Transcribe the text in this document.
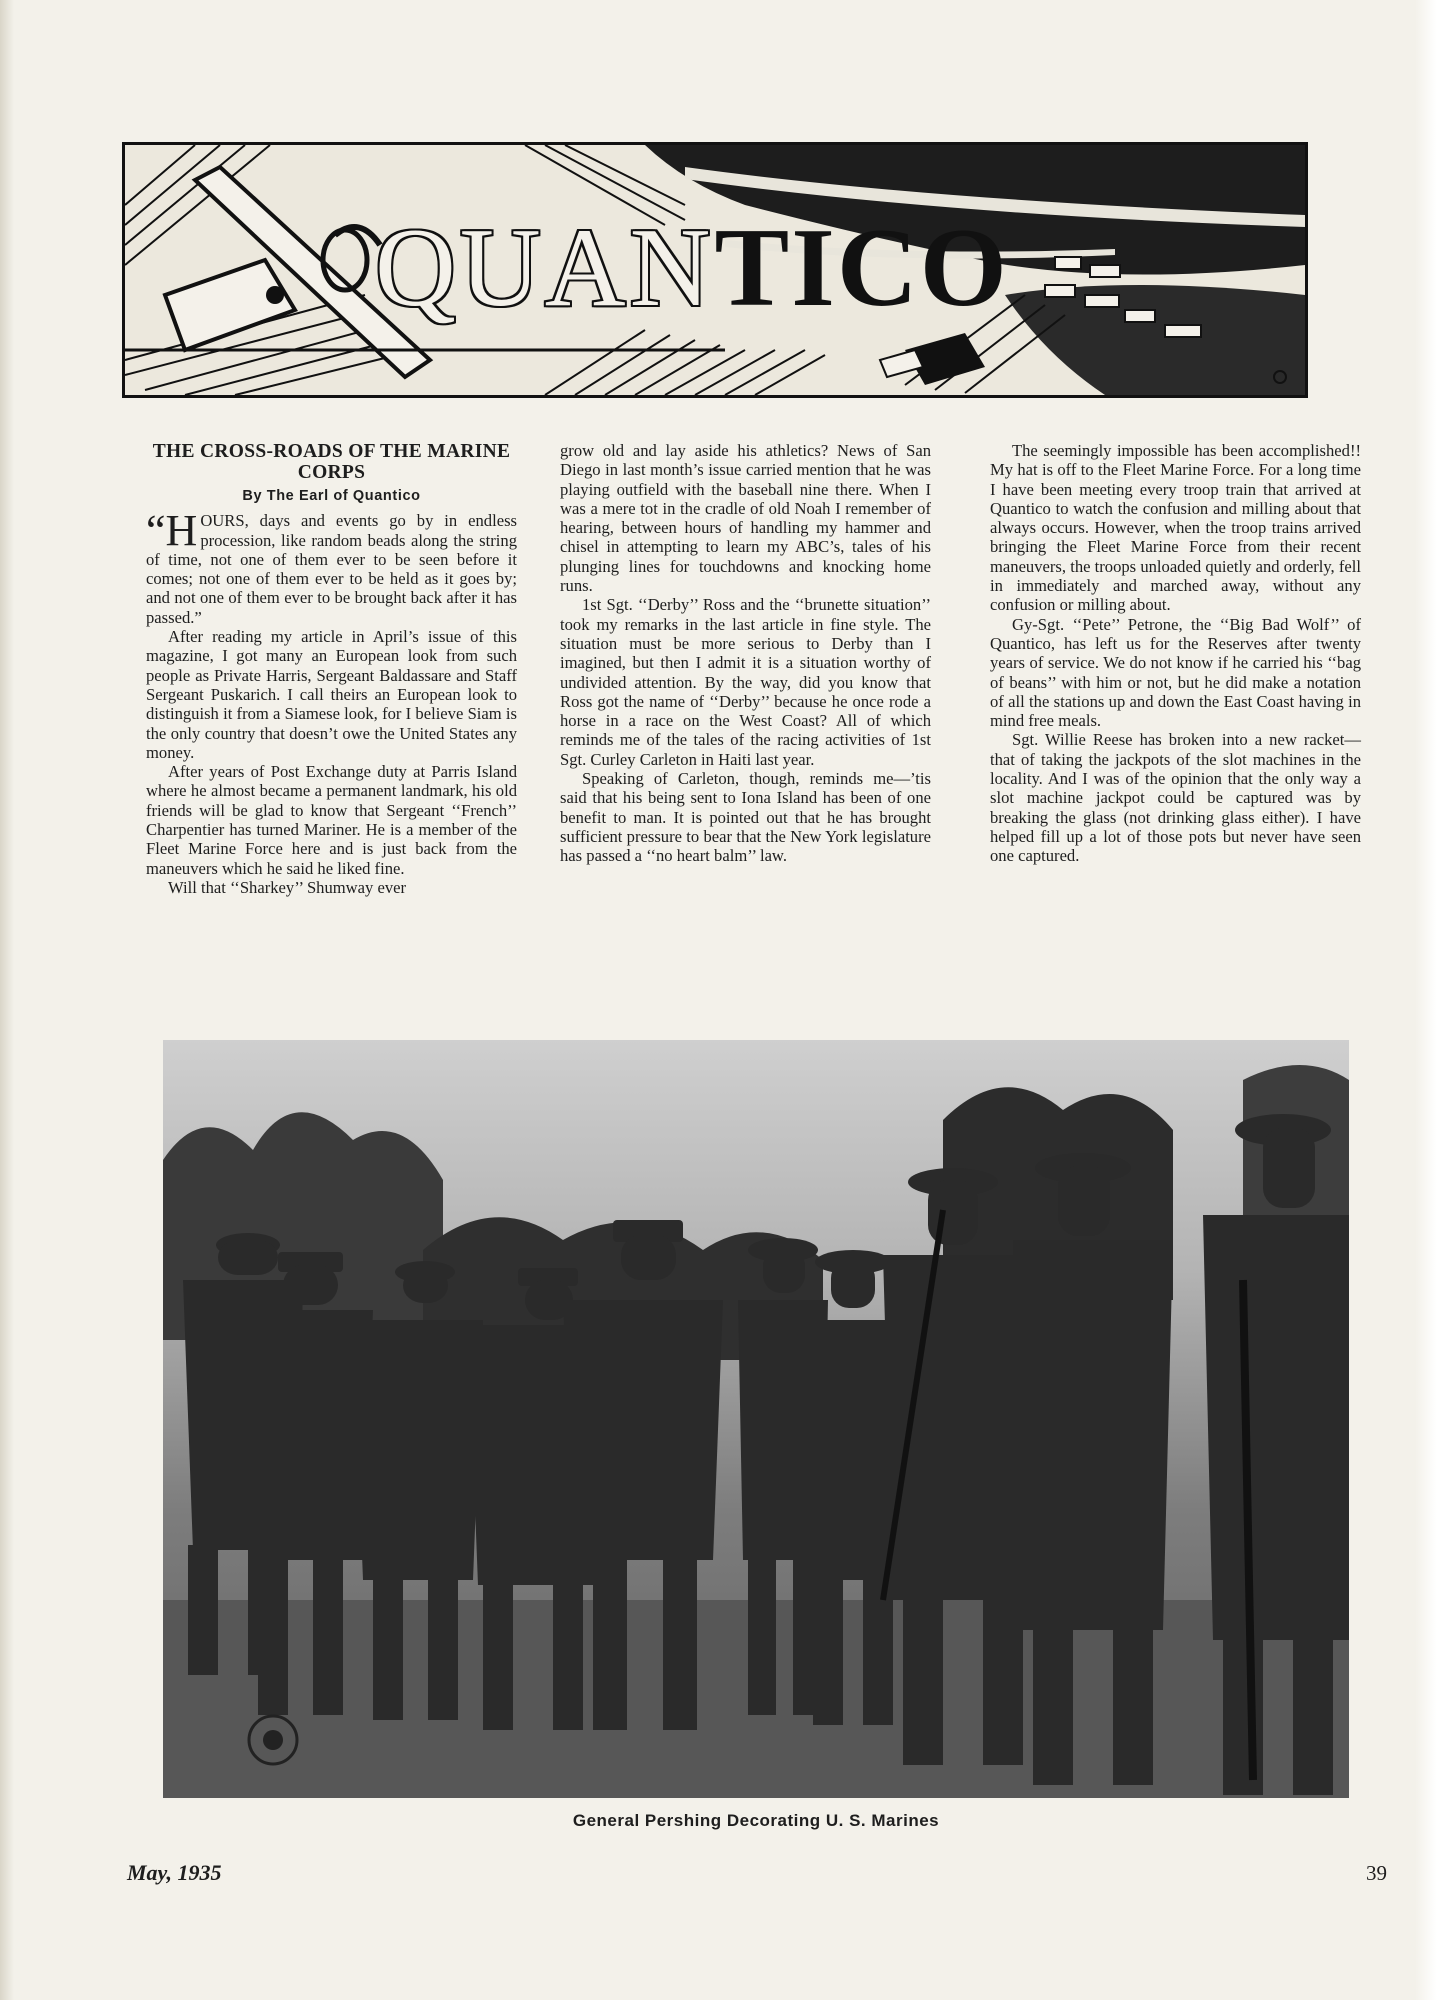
QUANTICO
THE CROSS-ROADS OF THE MARINE CORPS
By The Earl of Quantico

“HOURS, days and events go by in endless procession, like random beads along the string of time, not one of them ever to be seen before it comes; not one of them ever to be held as it goes by; and not one of them ever to be brought back after it has passed.”

After reading my article in April’s issue of this magazine, I got many an European look from such people as Private Harris, Sergeant Baldassare and Staff Sergeant Puskarich. I call theirs an European look to distinguish it from a Siamese look, for I believe Siam is the only country that doesn’t owe the United States any money.

After years of Post Exchange duty at Parris Island where he almost became a permanent landmark, his old friends will be glad to know that Sergeant ‘‘French’’ Charpentier has turned Mariner. He is a member of the Fleet Marine Force here and is just back from the maneuvers which he said he liked fine.

Will that ‘‘Sharkey’’ Shumway ever

grow old and lay aside his athletics? News of San Diego in last month’s issue carried mention that he was playing outfield with the baseball nine there. When I was a mere tot in the cradle of old Noah I remember of hearing, between hours of handling my hammer and chisel in attempting to learn my ABC’s, tales of his plunging lines for touchdowns and knocking home runs.

1st Sgt. ‘‘Derby’’ Ross and the ‘‘brunette situation’’ took my remarks in the last article in fine style. The situation must be more serious to Derby than I imagined, but then I admit it is a situation worthy of undivided attention. By the way, did you know that Ross got the name of ‘‘Derby’’ because he once rode a horse in a race on the West Coast? All of which reminds me of the tales of the racing activities of 1st Sgt. Curley Carleton in Haiti last year.

Speaking of Carleton, though, reminds me—’tis said that his being sent to Iona Island has been of one benefit to man. It is pointed out that he has brought sufficient pressure to bear that the New York legislature has passed a ‘‘no heart balm’’ law.

The seemingly impossible has been accomplished!! My hat is off to the Fleet Marine Force. For a long time I have been meeting every troop train that arrived at Quantico to watch the confusion and milling about that always occurs. However, when the troop trains arrived bringing the Fleet Marine Force from their recent maneuvers, the troops unloaded quietly and orderly, fell in immediately and marched away, without any confusion or milling about.

Gy-Sgt. ‘‘Pete’’ Petrone, the ‘‘Big Bad Wolf’’ of Quantico, has left us for the Reserves after twenty years of service. We do not know if he carried his ‘‘bag of beans’’ with him or not, but he did make a notation of all the stations up and down the East Coast having in mind free meals.

Sgt. Willie Reese has broken into a new racket—that of taking the jackpots of the slot machines in the locality. And I was of the opinion that the only way a slot machine jackpot could be captured was by breaking the glass (not drinking glass either). I have helped fill up a lot of those pots but never have seen one captured.

General Pershing Decorating U. S. Marines
May, 1935	39
